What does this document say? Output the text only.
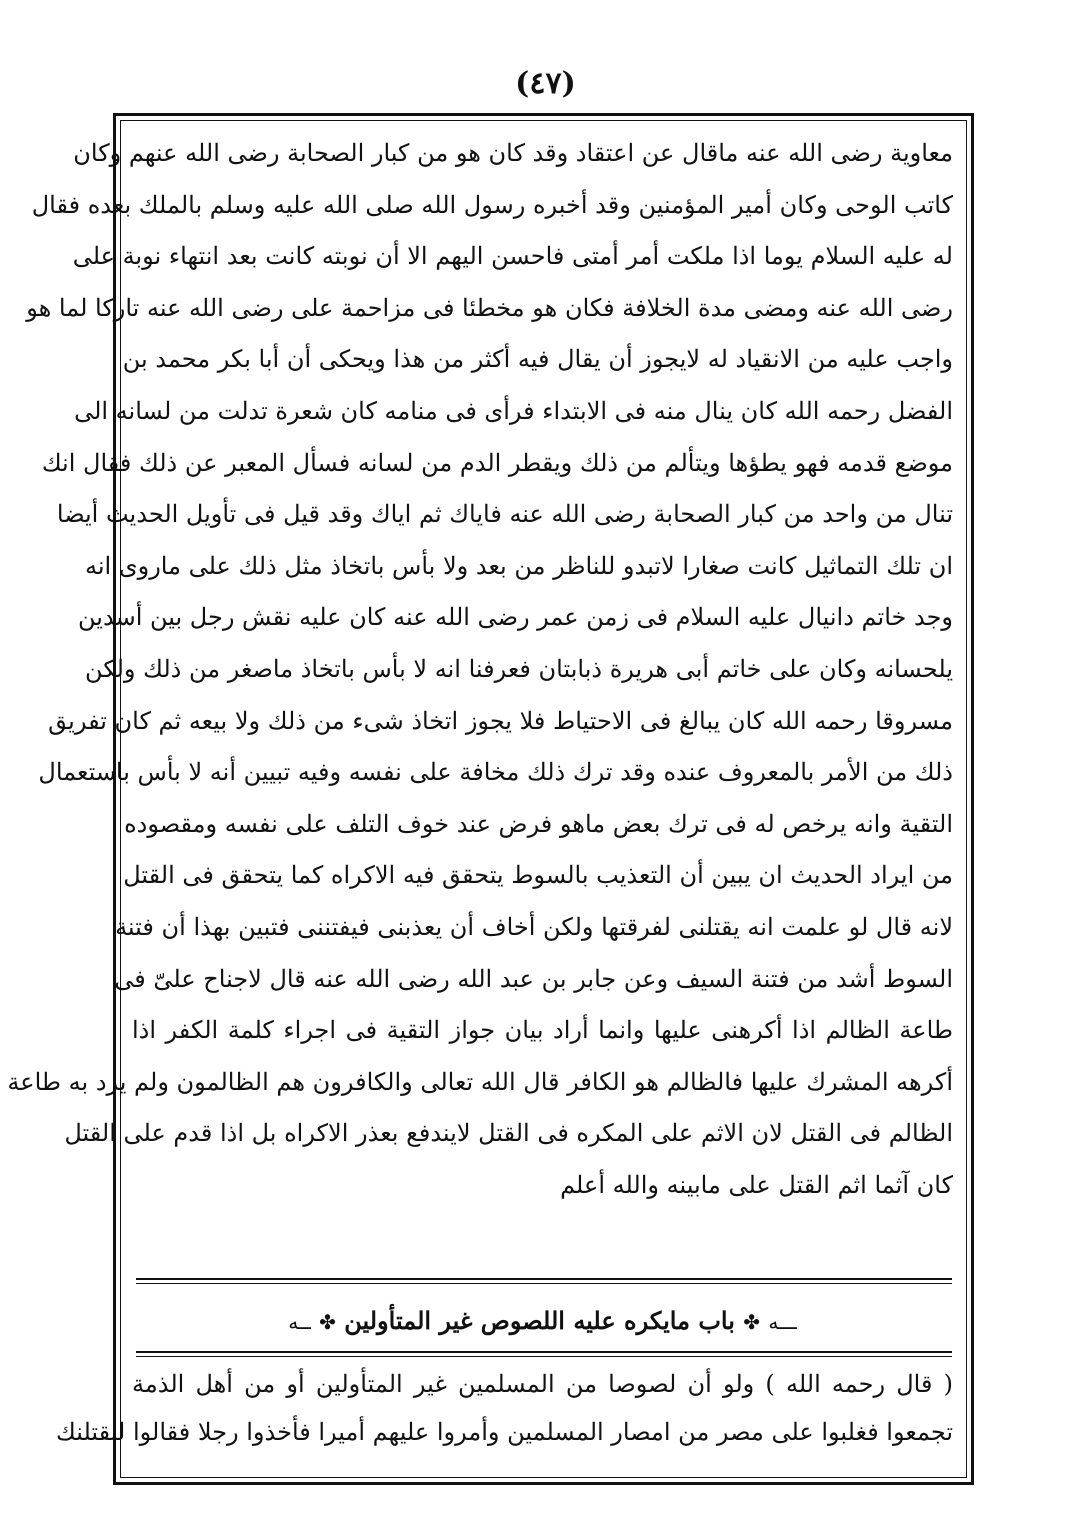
(٤٧)
معاوية رضى الله عنه ماقال عن اعتقاد وقد كان هو من كبار الصحابة رضى الله عنهم وكان
كاتب الوحى وكان أمير المؤمنين وقد أخبره رسول الله صلى الله عليه وسلم بالملك بعده فقال
له عليه السلام يوما اذا ملكت أمر أمتى فاحسن اليهم الا أن نوبته كانت بعد انتهاء نوبة على
رضى الله عنه ومضى مدة الخلافة فكان هو مخطئا فى مزاحمة على رضى الله عنه تاركا لما هو
واجب عليه من الانقياد له لايجوز أن يقال فيه أكثر من هذا ويحكى أن أبا بكر محمد بن
الفضل رحمه الله كان ينال منه فى الابتداء فرأى فى منامه كان شعرة تدلت من لسانه الى
موضع قدمه فهو يطؤها ويتألم من ذلك ويقطر الدم من لسانه فسأل المعبر عن ذلك فقال انك
تنال من واحد من كبار الصحابة رضى الله عنه فاياك ثم اياك وقد قيل فى تأويل الحديث أيضا
ان تلك التماثيل كانت صغارا لاتبدو للناظر من بعد ولا بأس باتخاذ مثل ذلك على ماروى انه
وجد خاتم دانيال عليه السلام فى زمن عمر رضى الله عنه كان عليه نقش رجل بين أسدين
يلحسانه وكان على خاتم أبى هريرة ذبابتان فعرفنا انه لا بأس باتخاذ ماصغر من ذلك ولكن
مسروقا رحمه الله كان يبالغ فى الاحتياط فلا يجوز اتخاذ شىء من ذلك ولا بيعه ثم كان تفريق
ذلك من الأمر بالمعروف عنده وقد ترك ذلك مخافة على نفسه وفيه تبيين أنه لا بأس باستعمال
التقية وانه يرخص له فى ترك بعض ماهو فرض عند خوف التلف على نفسه ومقصوده
من ايراد الحديث ان يبين أن التعذيب بالسوط يتحقق فيه الاكراه كما يتحقق فى القتل
لانه قال لو علمت انه يقتلنى لفرقتها ولكن أخاف أن يعذبنى فيفتننى فتبين بهذا أن فتنة
السوط أشد من فتنة السيف وعن جابر بن عبد الله رضى الله عنه قال لاجناح علىّ فى
طاعة الظالم اذا أكرهنى عليها وانما أراد بيان جواز التقية فى اجراء كلمة الكفر اذا
أكرهه المشرك عليها فالظالم هو الكافر قال الله تعالى والكافرون هم الظالمون ولم يرد به طاعة
الظالم فى القتل لان الاثم على المكره فى القتل لايندفع بعذر الاكراه بل اذا قدم على القتل
كان آثما اثم القتل على مابينه والله أعلم
ـــه ✤ باب مايكره عليه اللصوص غير المتأولين ✤ ــه
( قال رحمه الله ) ولو أن لصوصا من المسلمين غير المتأولين أو من أهل الذمة
تجمعوا فغلبوا على مصر من امصار المسلمين وأمروا عليهم أميرا فأخذوا رجلا فقالوا لنقتلنك
